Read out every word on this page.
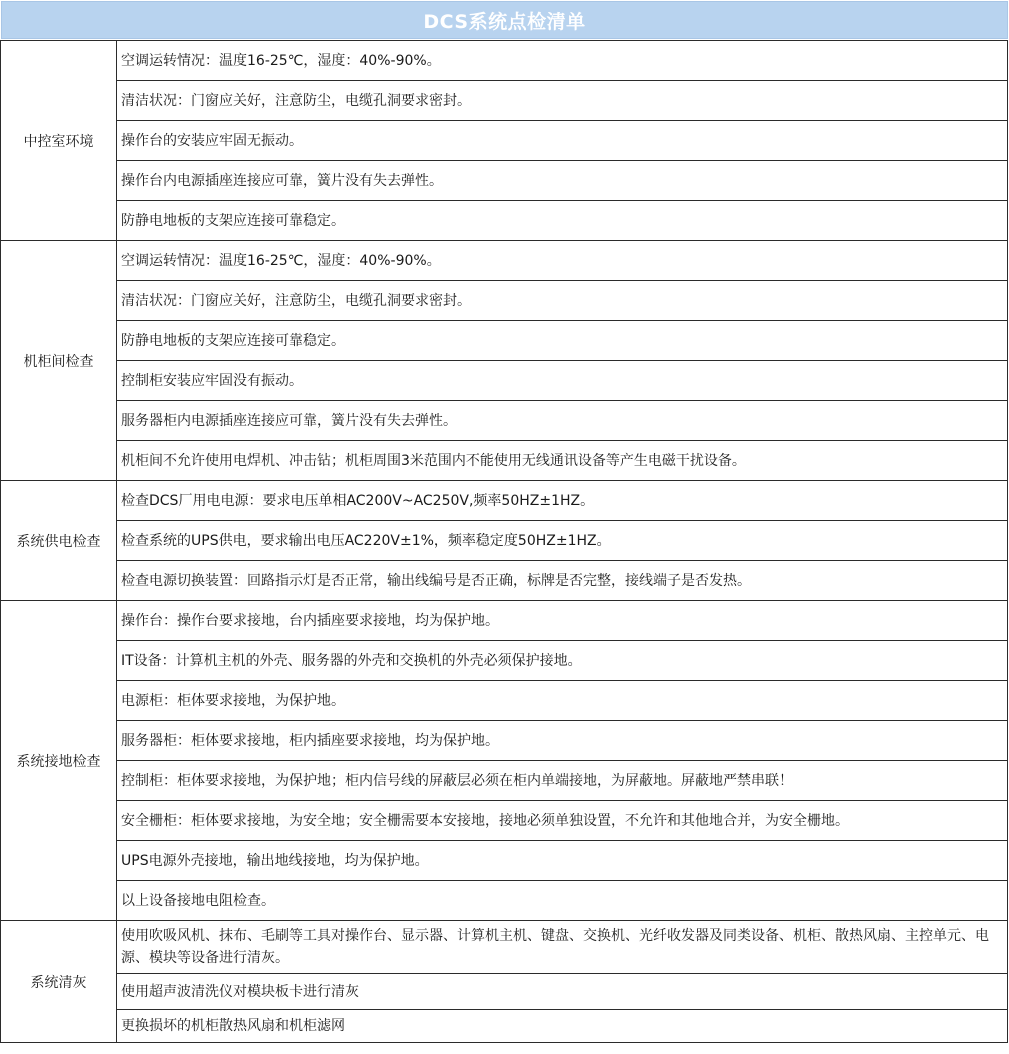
DCS系统点检清单
中控室环境	空调运转情况：温度16-25℃，湿度：40%-90%。
	清洁状况：门窗应关好，注意防尘，电缆孔洞要求密封。
	操作台的安装应牢固无振动。
	操作台内电源插座连接应可靠，簧片没有失去弹性。
	防静电地板的支架应连接可靠稳定。
机柜间检查	空调运转情况：温度16-25℃，湿度：40%-90%。
	清洁状况：门窗应关好，注意防尘，电缆孔洞要求密封。
	防静电地板的支架应连接可靠稳定。
	控制柜安装应牢固没有振动。
	服务器柜内电源插座连接应可靠，簧片没有失去弹性。
	机柜间不允许使用电焊机、冲击钻；机柜周围3米范围内不能使用无线通讯设备等产生电磁干扰设备。
系统供电检查	检查DCS厂用电电源：要求电压单相AC200V~AC250V,频率50HZ±1HZ。
	检查系统的UPS供电，要求输出电压AC220V±1%，频率稳定度50HZ±1HZ。
	检查电源切换装置：回路指示灯是否正常，输出线编号是否正确，标牌是否完整，接线端子是否发热。
系统接地检查	操作台：操作台要求接地，台内插座要求接地，均为保护地。
	IT设备：计算机主机的外壳、服务器的外壳和交换机的外壳必须保护接地。
	电源柜：柜体要求接地，为保护地。
	服务器柜：柜体要求接地，柜内插座要求接地，均为保护地。
	控制柜：柜体要求接地，为保护地；柜内信号线的屏蔽层必须在柜内单端接地，为屏蔽地。屏蔽地严禁串联！
	安全栅柜：柜体要求接地，为安全地；安全栅需要本安接地，接地必须单独设置，不允许和其他地合并，为安全栅地。
	UPS电源外壳接地，输出地线接地，均为保护地。
	以上设备接地电阻检查。
系统清灰	使用吹吸风机、抹布、毛刷等工具对操作台、显示器、计算机主机、键盘、交换机、光纤收发器及同类设备、机柜、散热风扇、主控单元、电源、模块等设备进行清灰。
	使用超声波清洗仪对模块板卡进行清灰
	更换损坏的机柜散热风扇和机柜滤网
